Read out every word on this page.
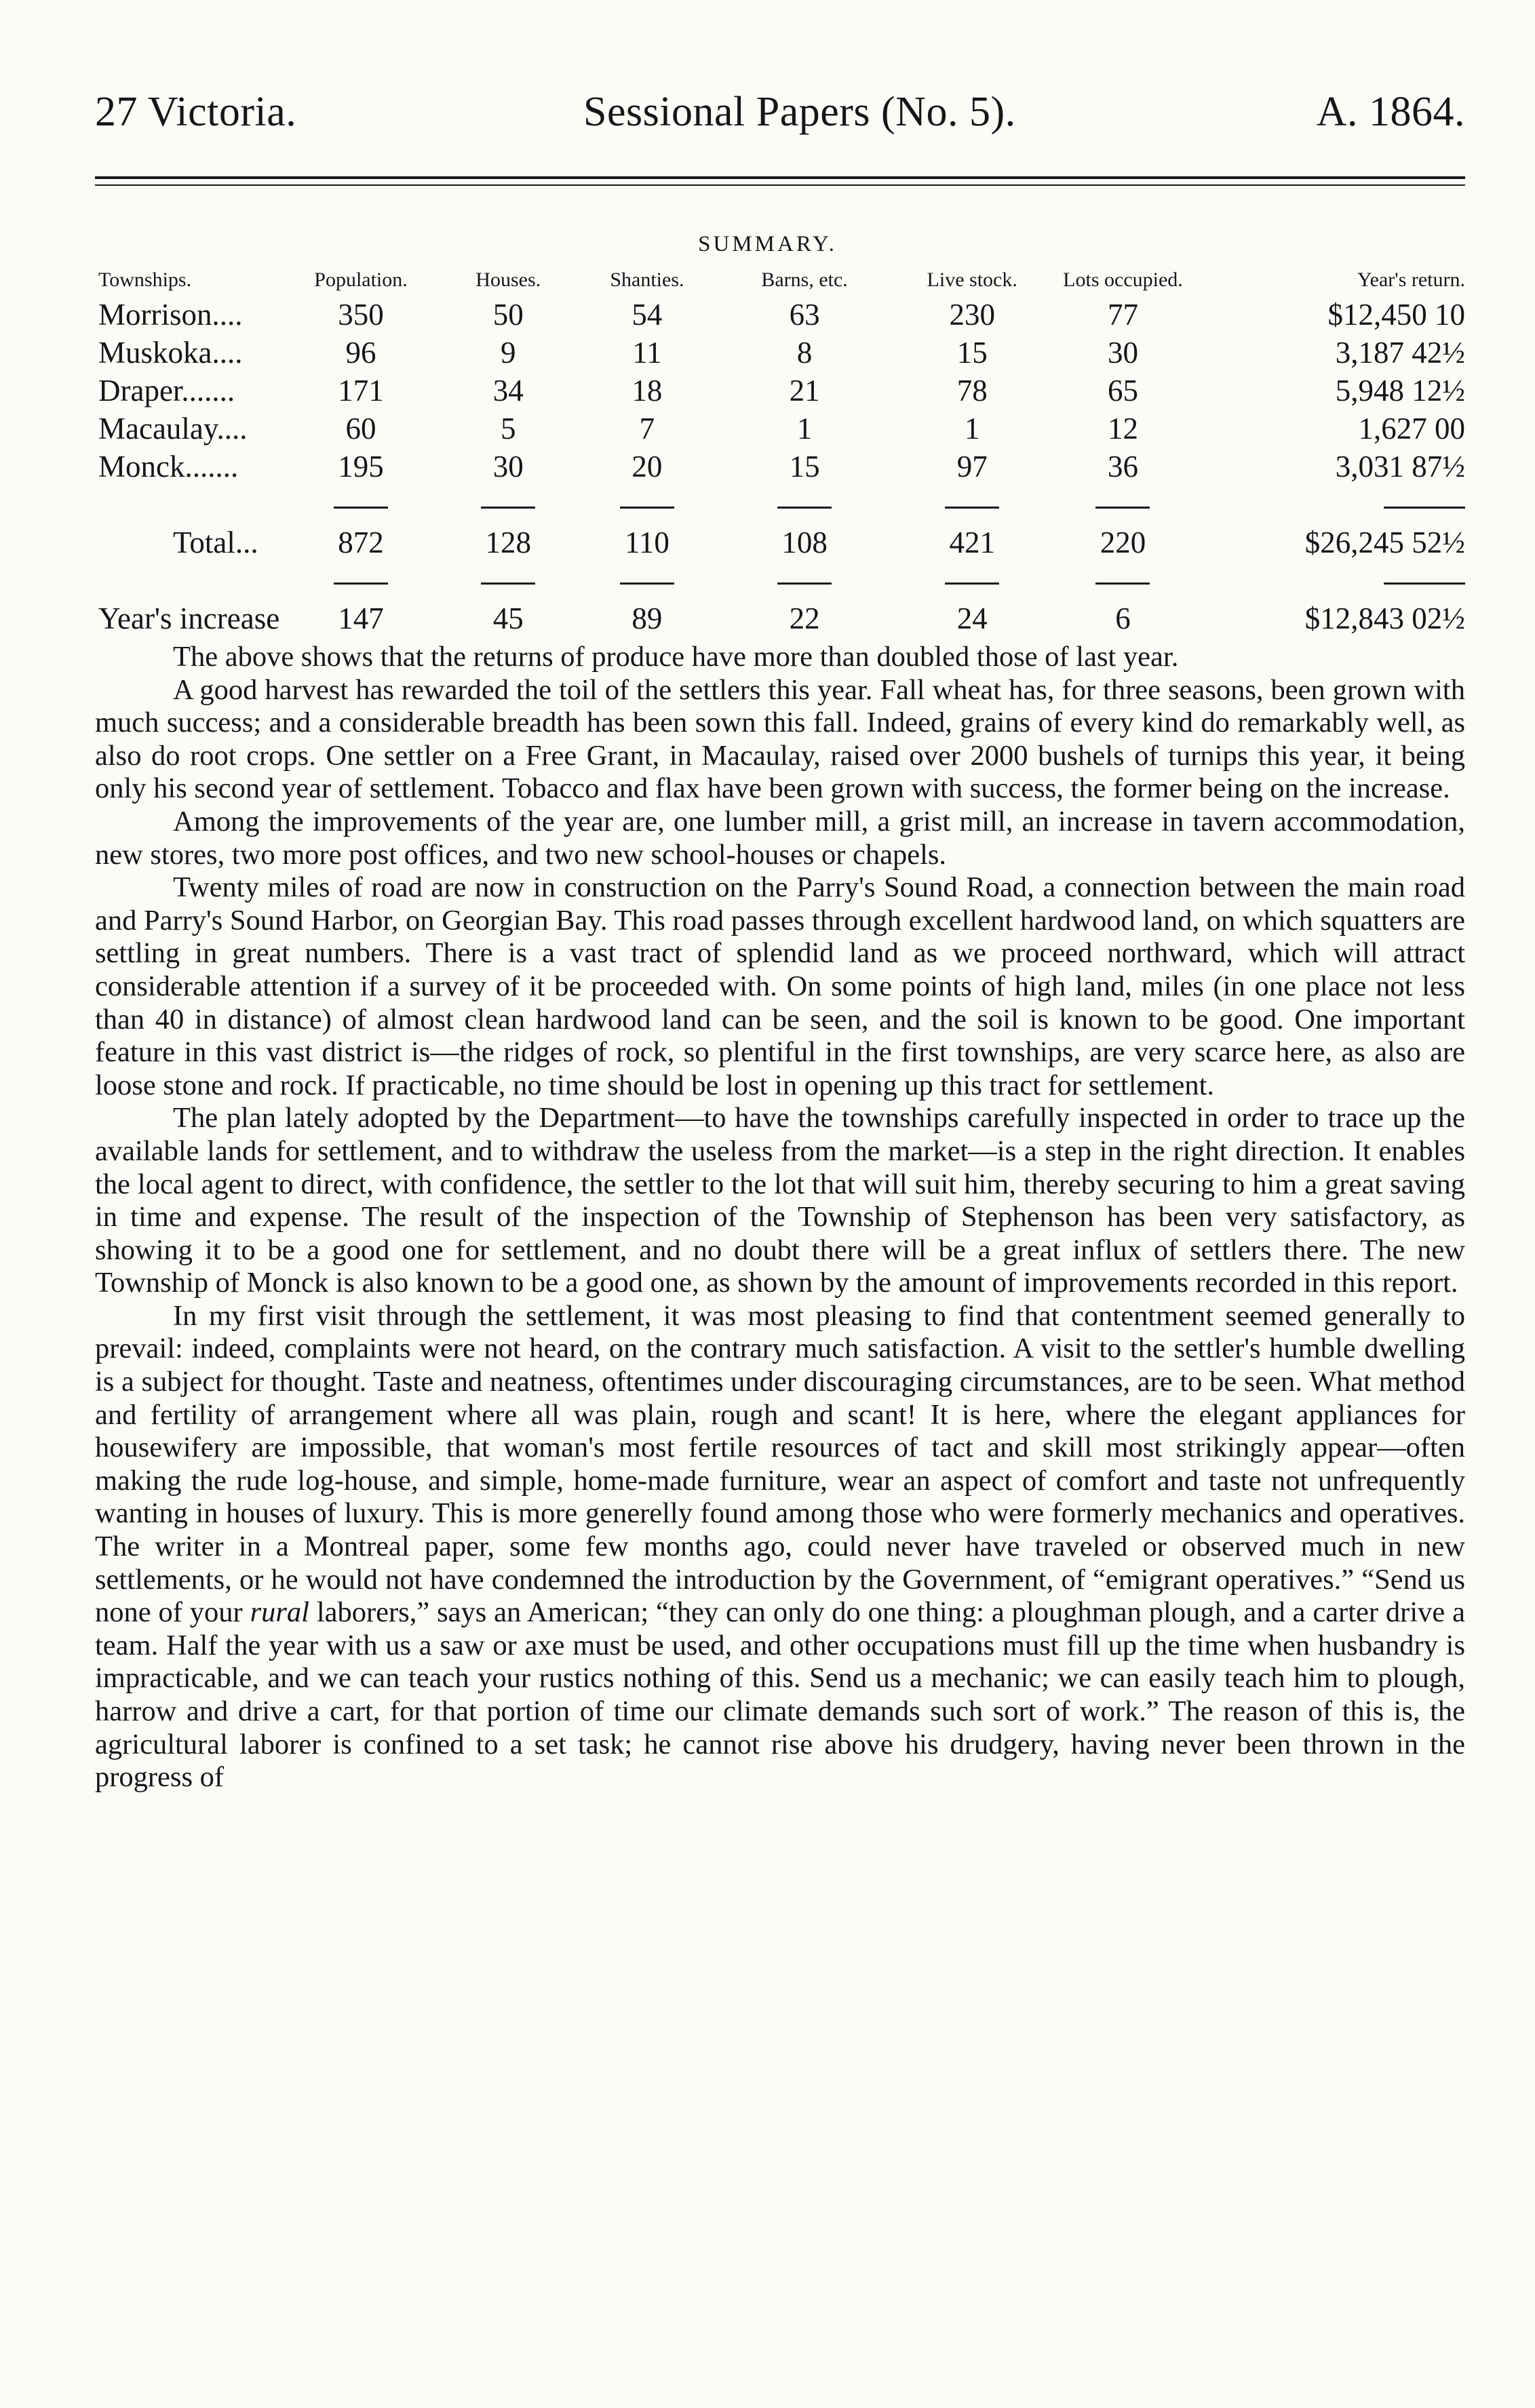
27 Victoria.	Sessional Papers (No. 5).	A. 1864.
SUMMARY.
Townships.	Population.	Houses.	Shanties.	Barns, etc.	Live stock.	Lots occupied.	Year's return.
Morrison....	350	50	54	63	230	77	$12,450 10
Muskoka....	96	9	11	8	15	30	3,187 42½
Draper.......	171	34	18	21	78	65	5,948 12½
Macaulay....	60	5	7	1	1	12	1,627 00
Monck.......	195	30	20	15	97	36	3,031 87½

Total...	872	128	110	108	421	220	$26,245 52½

Year's increase	147	45	89	22	24	6	$12,843 02½

The above shows that the returns of produce have more than doubled those of last year.

A good harvest has rewarded the toil of the settlers this year. Fall wheat has, for three seasons, been grown with much success; and a considerable breadth has been sown this fall. Indeed, grains of every kind do remarkably well, as also do root crops. One settler on a Free Grant, in Macaulay, raised over 2000 bushels of turnips this year, it being only his second year of settlement. Tobacco and flax have been grown with success, the former being on the increase.

Among the improvements of the year are, one lumber mill, a grist mill, an increase in tavern accommodation, new stores, two more post offices, and two new school-houses or chapels.

Twenty miles of road are now in construction on the Parry's Sound Road, a connection between the main road and Parry's Sound Harbor, on Georgian Bay. This road passes through excellent hardwood land, on which squatters are settling in great numbers. There is a vast tract of splendid land as we proceed northward, which will attract considerable attention if a survey of it be proceeded with. On some points of high land, miles (in one place not less than 40 in distance) of almost clean hardwood land can be seen, and the soil is known to be good. One important feature in this vast district is—the ridges of rock, so plentiful in the first townships, are very scarce here, as also are loose stone and rock. If practicable, no time should be lost in opening up this tract for settlement.

The plan lately adopted by the Department—to have the townships carefully inspected in order to trace up the available lands for settlement, and to withdraw the useless from the market—is a step in the right direction. It enables the local agent to direct, with confidence, the settler to the lot that will suit him, thereby securing to him a great saving in time and expense. The result of the inspection of the Township of Stephenson has been very satisfactory, as showing it to be a good one for settlement, and no doubt there will be a great influx of settlers there. The new Township of Monck is also known to be a good one, as shown by the amount of improvements recorded in this report.

In my first visit through the settlement, it was most pleasing to find that contentment seemed generally to prevail: indeed, complaints were not heard, on the contrary much satisfaction. A visit to the settler's humble dwelling is a subject for thought. Taste and neatness, oftentimes under discouraging circumstances, are to be seen. What method and fertility of arrangement where all was plain, rough and scant! It is here, where the elegant appliances for housewifery are impossible, that woman's most fertile resources of tact and skill most strikingly appear—often making the rude log-house, and simple, home-made furniture, wear an aspect of comfort and taste not unfrequently wanting in houses of luxury. This is more generelly found among those who were formerly mechanics and operatives. The writer in a Montreal paper, some few months ago, could never have traveled or observed much in new settlements, or he would not have condemned the introduction by the Government, of “emigrant operatives.” “Send us none of your rural laborers,” says an American; “they can only do one thing: a ploughman plough, and a carter drive a team. Half the year with us a saw or axe must be used, and other occupations must fill up the time when husbandry is impracticable, and we can teach your rustics nothing of this. Send us a mechanic; we can easily teach him to plough, harrow and drive a cart, for that portion of time our climate demands such sort of work.” The reason of this is, the agricultural laborer is confined to a set task; he cannot rise above his drudgery, having never been thrown in the progress of
